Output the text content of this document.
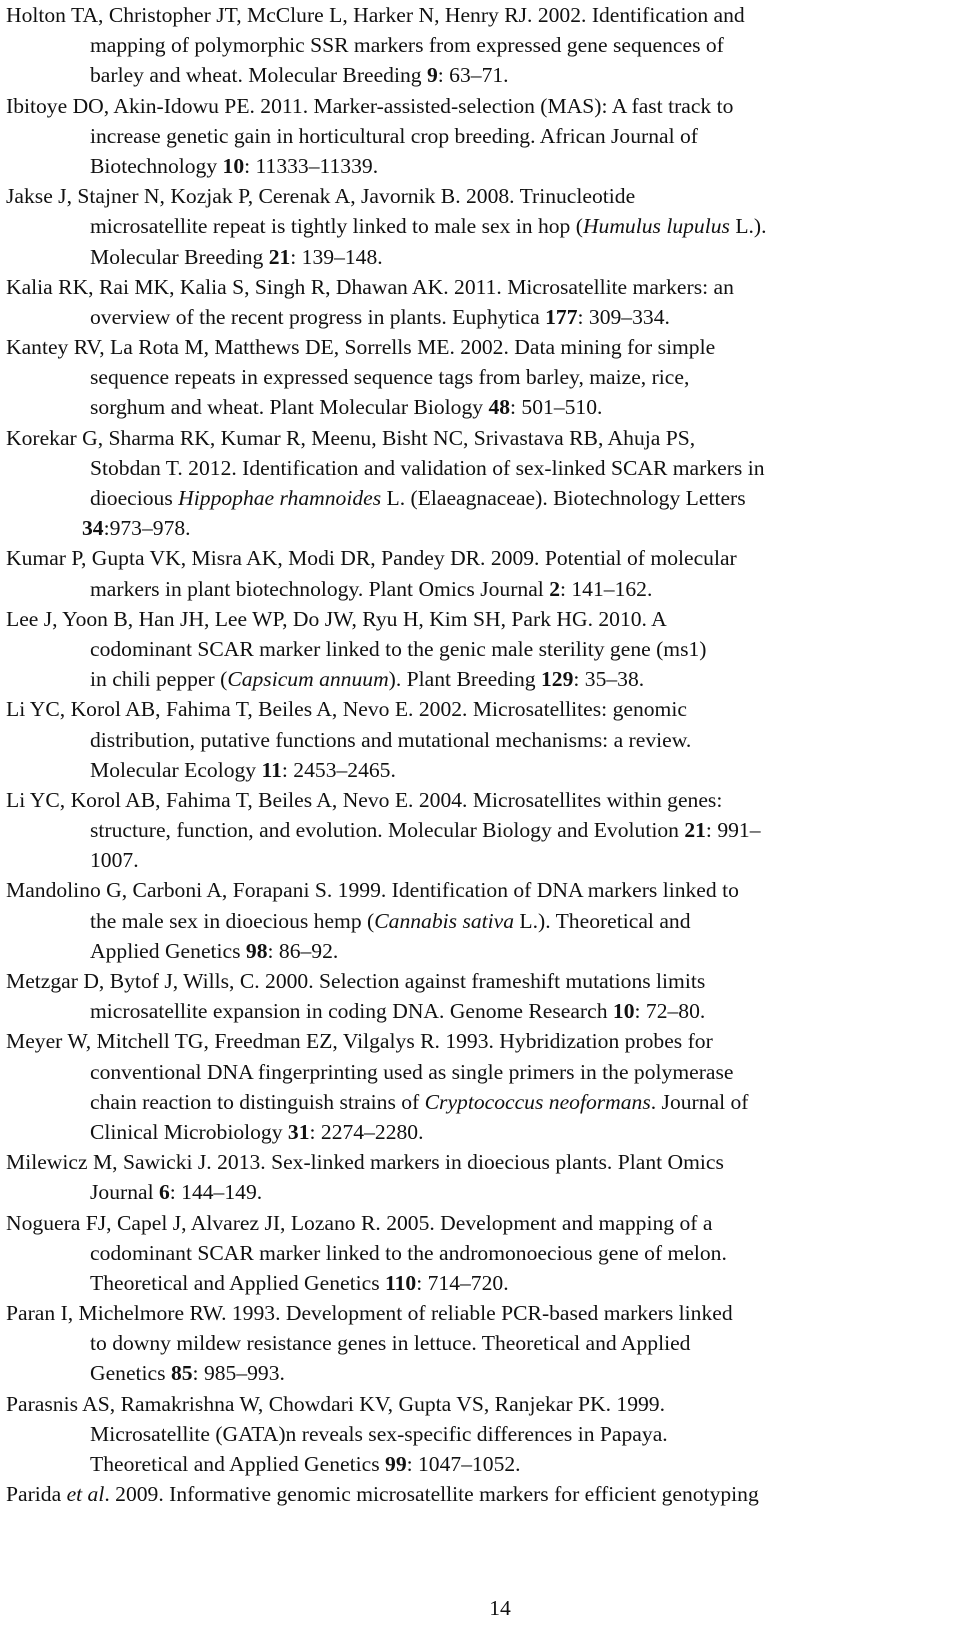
Holton TA, Christopher JT, McClure L, Harker N, Henry RJ. 2002. Identification and
mapping of polymorphic SSR markers from expressed gene sequences of
barley and wheat. Molecular Breeding 9: 63–71.
Ibitoye DO, Akin-Idowu PE. 2011. Marker-assisted-selection (MAS): A fast track to
increase genetic gain in horticultural crop breeding. African Journal of
Biotechnology 10: 11333–11339.
Jakse J, Stajner N, Kozjak P, Cerenak A, Javornik B. 2008. Trinucleotide
microsatellite repeat is tightly linked to male sex in hop (Humulus lupulus L.).
Molecular Breeding 21: 139–148.
Kalia RK, Rai MK, Kalia S, Singh R, Dhawan AK. 2011. Microsatellite markers: an
overview of the recent progress in plants. Euphytica 177: 309–334.
Kantey RV, La Rota M, Matthews DE, Sorrells ME. 2002. Data mining for simple
sequence repeats in expressed sequence tags from barley, maize, rice,
sorghum and wheat. Plant Molecular Biology 48: 501–510.
Korekar G, Sharma RK, Kumar R, Meenu, Bisht NC, Srivastava RB, Ahuja PS,
Stobdan T. 2012. Identification and validation of sex-linked SCAR markers in
dioecious Hippophae rhamnoides L. (Elaeagnaceae). Biotechnology Letters
34:973–978.
Kumar P, Gupta VK, Misra AK, Modi DR, Pandey DR. 2009. Potential of molecular
markers in plant biotechnology. Plant Omics Journal 2: 141–162.
Lee J, Yoon B, Han JH, Lee WP, Do JW, Ryu H, Kim SH, Park HG. 2010. A
codominant SCAR marker linked to the genic male sterility gene (ms1)
in chili pepper (Capsicum annuum). Plant Breeding 129: 35–38.
Li YC, Korol AB, Fahima T, Beiles A, Nevo E. 2002. Microsatellites: genomic
distribution, putative functions and mutational mechanisms: a review.
Molecular Ecology 11: 2453–2465.
Li YC, Korol AB, Fahima T, Beiles A, Nevo E. 2004. Microsatellites within genes:
structure, function, and evolution. Molecular Biology and Evolution 21: 991–
1007.
Mandolino G, Carboni A, Forapani S. 1999. Identification of DNA markers linked to
the male sex in dioecious hemp (Cannabis sativa L.). Theoretical and
Applied Genetics 98: 86–92.
Metzgar D, Bytof J, Wills, C. 2000. Selection against frameshift mutations limits
microsatellite expansion in coding DNA. Genome Research 10: 72–80.
Meyer W, Mitchell TG, Freedman EZ, Vilgalys R. 1993. Hybridization probes for
conventional DNA fingerprinting used as single primers in the polymerase
chain reaction to distinguish strains of Cryptococcus neoformans. Journal of
Clinical Microbiology 31: 2274–2280.
Milewicz M, Sawicki J. 2013. Sex-linked markers in dioecious plants. Plant Omics
Journal 6: 144–149.
Noguera FJ, Capel J, Alvarez JI, Lozano R. 2005. Development and mapping of a
codominant SCAR marker linked to the andromonoecious gene of melon.
Theoretical and Applied Genetics 110: 714–720.
Paran I, Michelmore RW. 1993. Development of reliable PCR-based markers linked
to downy mildew resistance genes in lettuce. Theoretical and Applied
Genetics 85: 985–993.
Parasnis AS, Ramakrishna W, Chowdari KV, Gupta VS, Ranjekar PK. 1999.
Microsatellite (GATA)n reveals sex-specific differences in Papaya.
Theoretical and Applied Genetics 99: 1047–1052.
Parida et al. 2009. Informative genomic microsatellite markers for efficient genotyping
14
